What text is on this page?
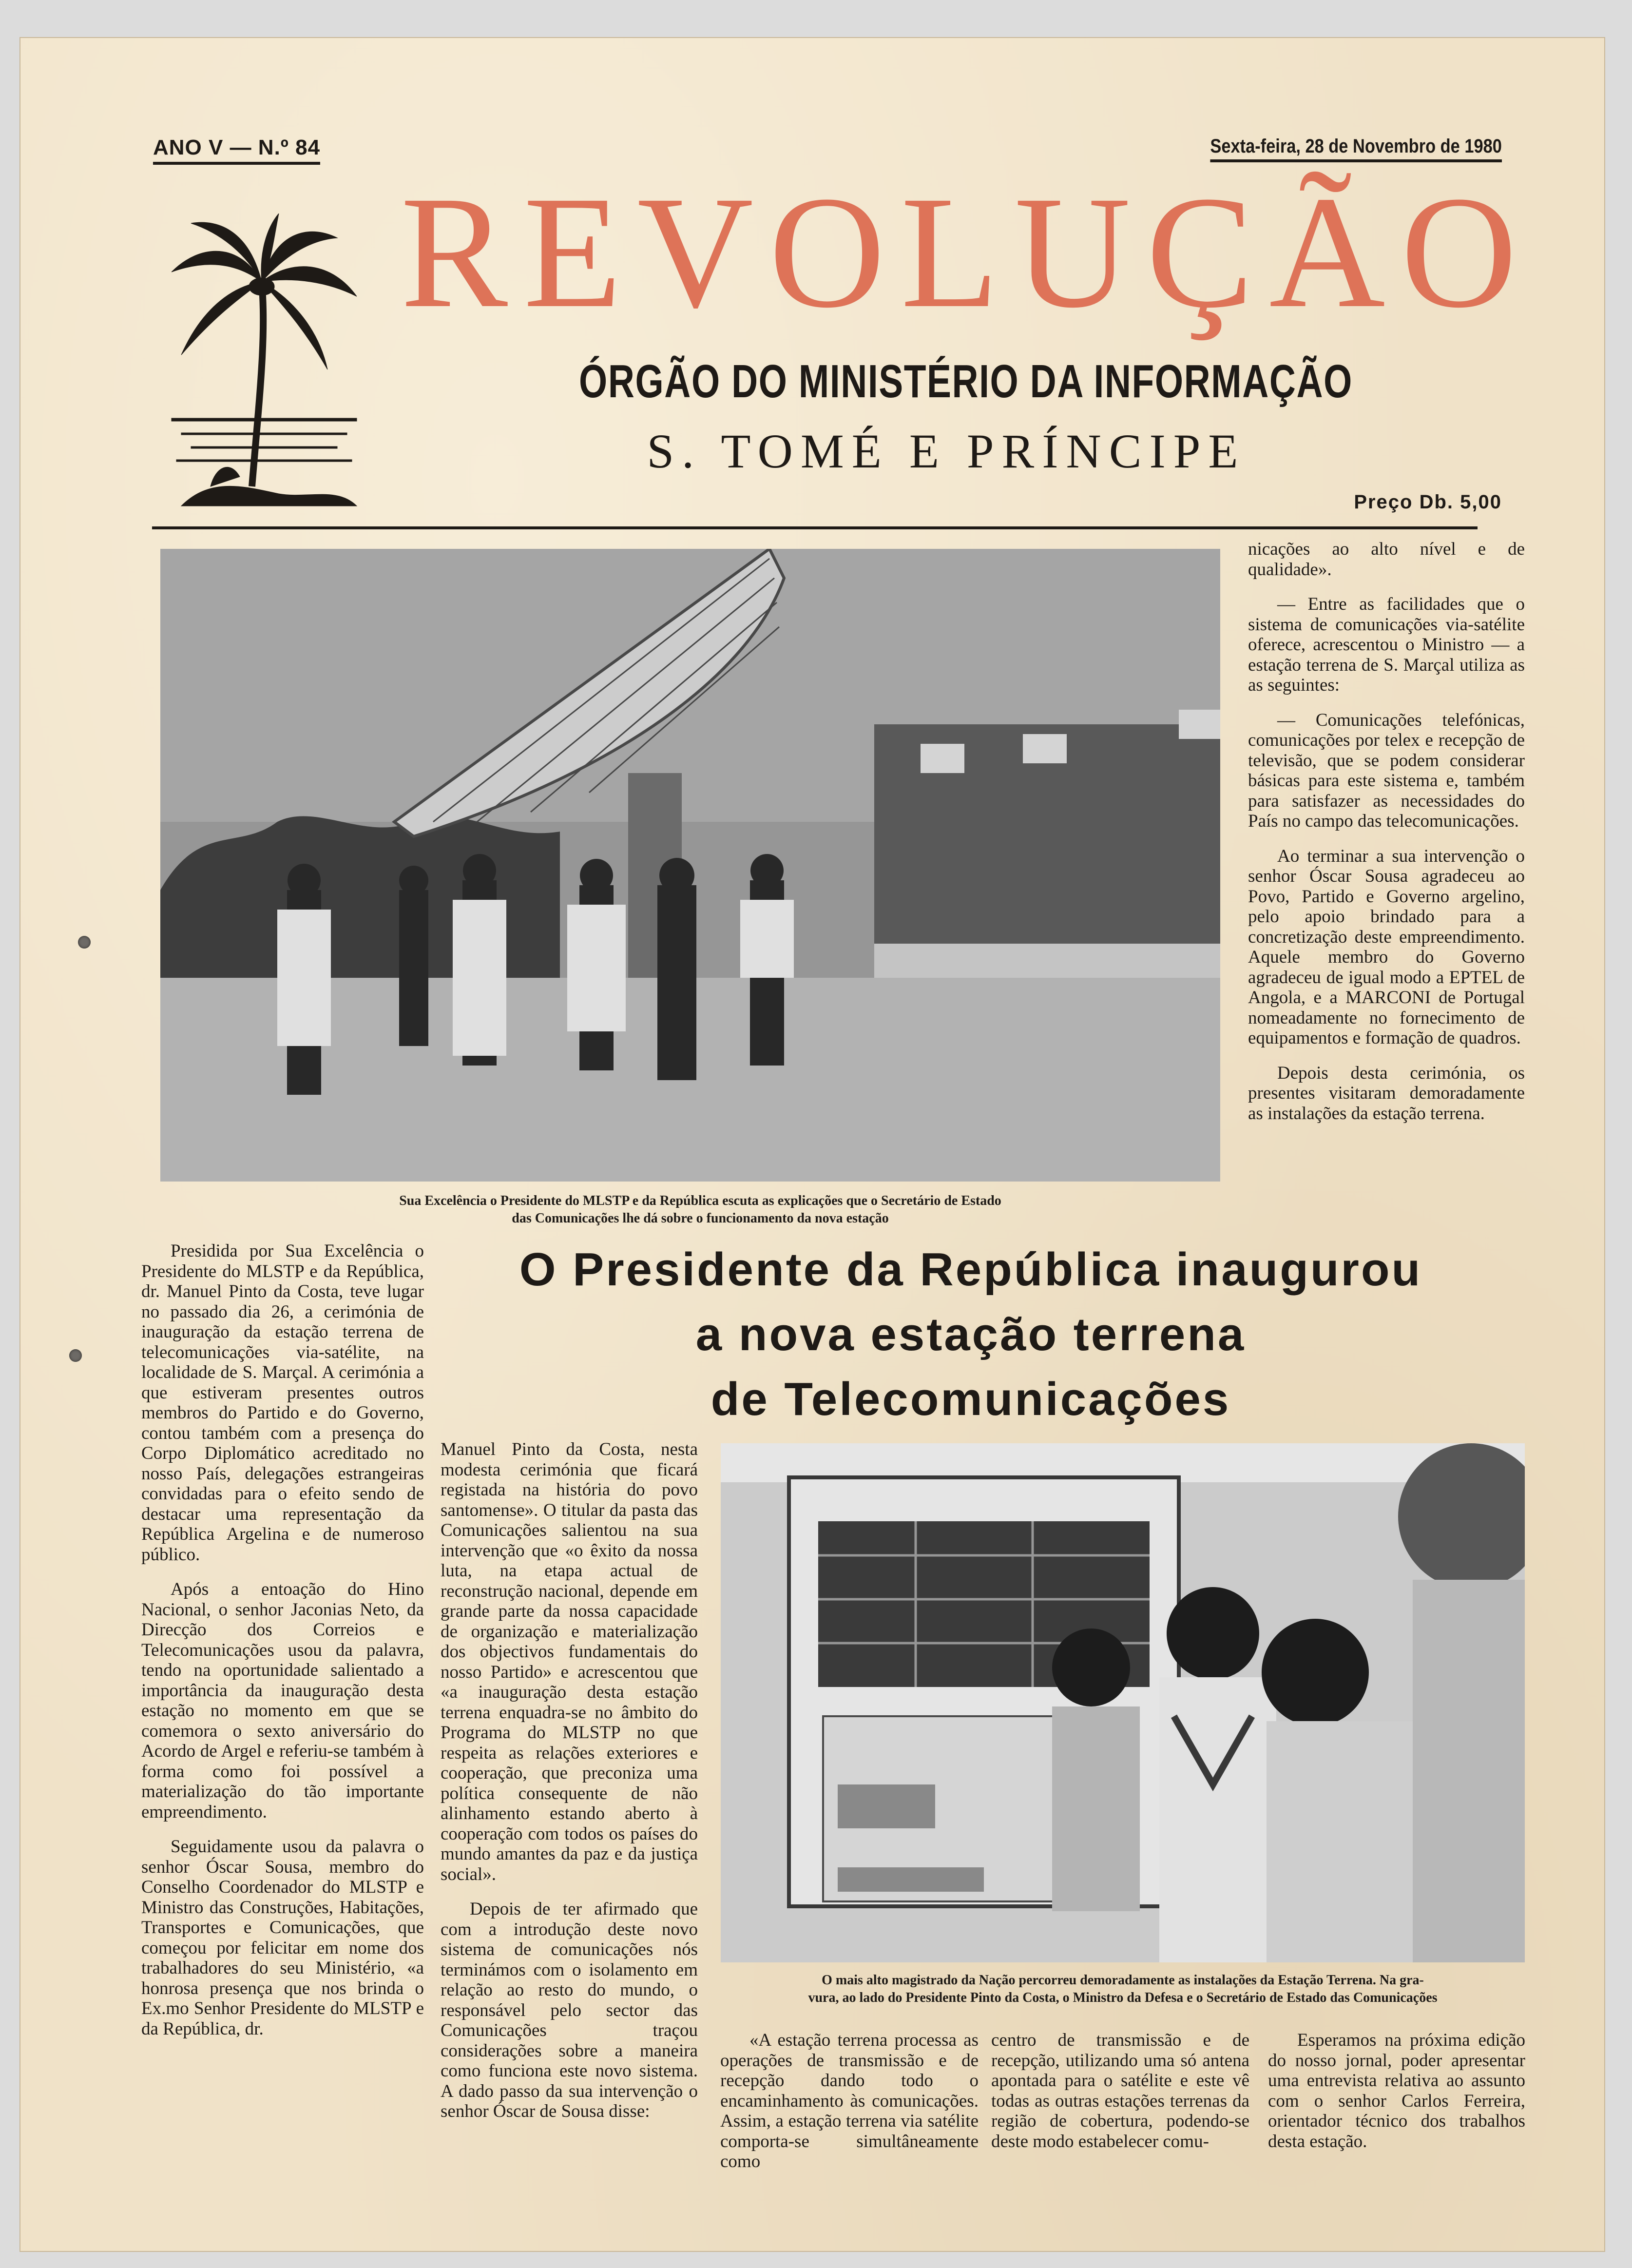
ANO V — N.º 84	Sexta-feira, 28 de Novembro de 1980
REVOLUÇÃO
ÓRGÃO DO MINISTÉRIO DA INFORMAÇÃO
S. TOMÉ E PRÍNCIPE
Preço Db. 5,00
Sua Excelência o Presidente do MLSTP e da República escuta as explicações que o Secretário de Estado
das Comunicações lhe dá sobre o funcionamento da nova estação

nicações ao alto nível e de qualidade».

— Entre as facilidades que o sistema de comunicações via-satélite oferece, acrescentou o Ministro — a estação terrena de S. Marçal utiliza as as seguintes:

— Comunicações telefónicas, comunicações por telex e recepção de televisão, que se podem considerar básicas para este sistema e, também para satisfazer as necessidades do País no campo das telecomunicações.

Ao terminar a sua intervenção o senhor Óscar Sousa agradeceu ao Povo, Partido e Governo argelino, pelo apoio brindado para a concretização deste empreendimento. Aquele membro do Governo agradeceu de igual modo a EPTEL de Angola, e a MARCONI de Portugal nomeadamente no fornecimento de equipamentos e formação de quadros.

Depois desta cerimónia, os presentes visitaram demoradamente as instalações da estação terrena.

O Presidente da República inaugurou
a nova estação terrena
de Telecomunicações

Presidida por Sua Excelência o Presidente do MLSTP e da República, dr. Manuel Pinto da Costa, teve lugar no passado dia 26, a cerimónia de inauguração da estação terrena de telecomunicações via-satélite, na localidade de S. Marçal. A cerimónia a que estiveram presentes outros membros do Partido e do Governo, contou também com a presença do Corpo Diplomático acreditado no nosso País, delegações estrangeiras convidadas para o efeito sendo de destacar uma representação da República Argelina e de numeroso público.

Após a entoação do Hino Nacional, o senhor Jaconias Neto, da Direcção dos Correios e Telecomunicações usou da palavra, tendo na oportunidade salientado a importância da inauguração desta estação no momento em que se comemora o sexto aniversário do Acordo de Argel e referiu-se também à forma como foi possível a materialização do tão importante empreendimento.

Seguidamente usou da palavra o senhor Óscar Sousa, membro do Conselho Coordenador do MLSTP e Ministro das Construções, Habitações, Transportes e Comunicações, que começou por felicitar em nome dos trabalhadores do seu Ministério, «a honrosa presença que nos brinda o Ex.mo Senhor Presidente do MLSTP e da República, dr.

Manuel Pinto da Costa, nesta modesta cerimónia que ficará registada na história do povo santomense». O titular da pasta das Comunicações salientou na sua intervenção que «o êxito da nossa luta, na etapa actual de reconstrução nacional, depende em grande parte da nossa capacidade de organização e materialização dos objectivos fundamentais do nosso Partido» e acrescentou que «a inauguração desta estação terrena enquadra-se no âmbito do Programa do MLSTP no que respeita as relações exteriores e cooperação, que preconiza uma política consequente de não alinhamento estando aberto à cooperação com todos os países do mundo amantes da paz e da justiça social».

Depois de ter afirmado que com a introdução deste novo sistema de comunicações nós terminámos com o isolamento em relação ao resto do mundo, o responsável pelo sector das Comunicações traçou considerações sobre a maneira como funciona este novo sistema. A dado passo da sua intervenção o senhor Óscar de Sousa disse:

O mais alto magistrado da Nação percorreu demoradamente as instalações da Estação Terrena. Na gra-
vura, ao lado do Presidente Pinto da Costa, o Ministro da Defesa e o Secretário de Estado das Comunicações

«A estação terrena processa as operações de transmissão e de recepção dando todo o encaminhamento às comunicações. Assim, a estação terrena via satélite comporta-se simultâneamente como

centro de transmissão e de recepção, utilizando uma só antena apontada para o satélite e este vê todas as outras estações terrenas da região de cobertura, podendo-se deste modo estabelecer comu-

Esperamos na próxima edição do nosso jornal, poder apresentar uma entrevista relativa ao assunto com o senhor Carlos Ferreira, orientador técnico dos trabalhos desta estação.
